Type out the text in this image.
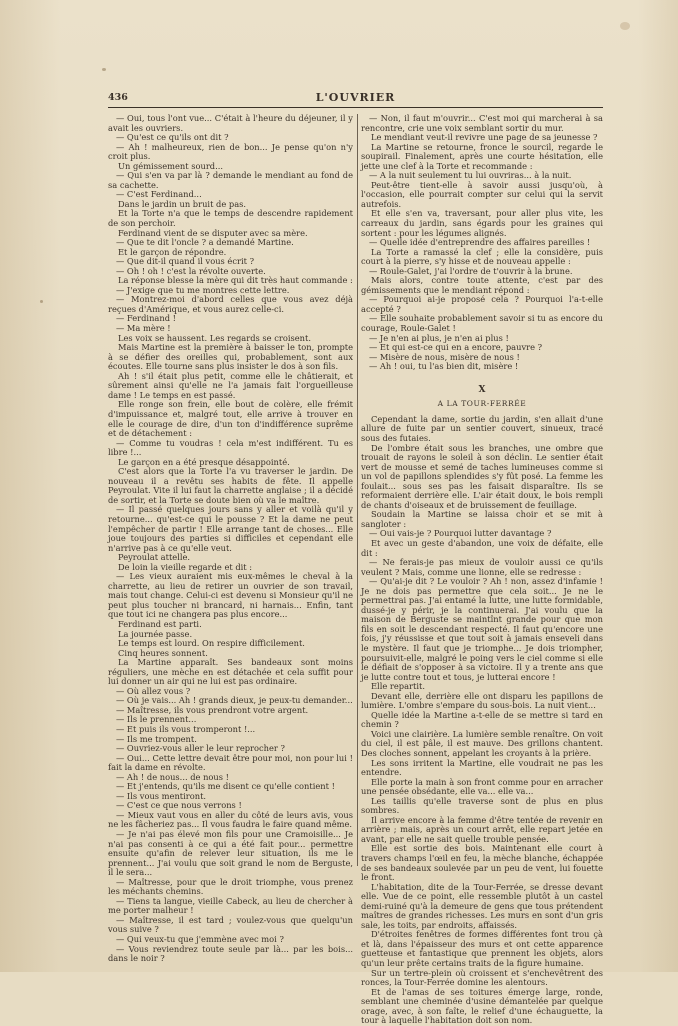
436	L'OUVRIER

— Oui, tous l'ont vue... C'était à l'heure du déjeuner, il y avait les ouvriers.

— Qu'est ce qu'ils ont dit ?

— Ah ! malheureux, rien de bon... Je pense qu'on n'y croit plus.

Un gémissement sourd...

— Qui s'en va par là ? demande le mendiant au fond de sa cachette.

— C'est Ferdinand...

Dans le jardin un bruit de pas.

Et la Torte n'a que le temps de descendre rapidement de son perchoir.

Ferdinand vient de se disputer avec sa mère.

— Que te dit l'oncle ? a demandé Martine.

Et le garçon de répondre.

— Que dit-il quand il vous écrit ?

— Oh ! oh ! c'est la révolte ouverte.

La réponse blesse la mère qui dit très haut commande :

— J'exige que tu me montres cette lettre.

— Montrez-moi d'abord celles que vous avez déjà reçues d'Amérique, et vous aurez celle-ci.

— Ferdinand !

— Ma mère !

Les voix se haussent. Les regards se croisent.

Mais Martine est la première à baisser le ton, prompte à se défier des oreilles qui, probablement, sont aux écoutes. Elle tourne sans plus insister le dos à son fils.

Ah ! s'il était plus petit, comme elle le châtierait, et sûrement ainsi qu'elle ne l'a jamais fait l'orgueilleuse dame ! Le temps en est passé.

Elle ronge son frein, elle bout de colère, elle frémit d'impuissance et, malgré tout, elle arrive à trouver en elle le courage de dire, d'un ton d'indifférence suprême et de détachement :

— Comme tu voudras ! cela m'est indifférent. Tu es libre !...

Le garçon en a été presque désappointé.

C'est alors que la Torte l'a vu traverser le jardin. De nouveau il a revêtu ses habits de fête. Il appelle Peyroulat. Vite il lui faut la charrette anglaise ; il a décidé de sortir, et la Torte se doute bien où va le maître.

— Il passé quelques jours sans y aller et voilà qu'il y retourne... qu'est-ce qui le pousse ? Et la dame ne peut l'empêcher de partir ! Elle arrange tant de choses... Elle joue toujours des parties si difficiles et cependant elle n'arrive pas à ce qu'elle veut.

Peyroulat attelle.

De loin la vieille regarde et dit :

— Les vieux auraient mis eux-mêmes le cheval à la charrette, au lieu de retirer un ouvrier de son travail, mais tout change. Celui-ci est devenu si Monsieur qu'il ne peut plus toucher ni brancard, ni harnais... Enfin, tant que tout ici ne changera pas plus encore...

Ferdinand est parti.

La journée passe.

Le temps est lourd. On respire difficilement.

Cinq heures sonnent.

La Martine apparaît. Ses bandeaux sont moins réguliers, une mèche en est détachée et cela suffit pour lui donner un air qui ne lui est pas ordinaire.

— Où allez vous ?

— Où je vais... Ah ! grands dieux, je peux-tu demander...

— Maîtresse, ils vous prendront votre argent.

— Ils le prennent...

— Et puis ils vous tromperont !...

— Ils me trompent.

— Ouvriez-vous aller le leur reprocher ?

— Oui... Cette lettre devait être pour moi, non pour lui ! fait la dame en révolte.

— Ah ! de nous... de nous !

— Et j'entends, qu'ils me disent ce qu'elle contient !

— Ils vous mentiront.

— C'est ce que nous verrons !

— Mieux vaut vous en aller du côté de leurs avis, vous ne les fâcheriez pas... Il vous faudra le faire quand même.

— Je n'ai pas élevé mon fils pour une Cramoisille... Je n'ai pas consenti à ce qui a été fait pour... permettre ensuite qu'afin de relever leur situation, ils me le prennent... J'ai voulu que soit grand le nom de Berguste, il le sera...

— Maîtresse, pour que le droit triomphe, vous prenez les méchants chemins.

— Tiens ta langue, vieille Cabeck, au lieu de chercher à me porter malheur !

— Maîtresse, il est tard ; voulez-vous que quelqu'un vous suive ?

— Qui veux-tu que j'emmène avec moi ?

— Vous reviendrez toute seule par là... par les bois... dans le noir ?

— Non, il faut m'ouvrir... C'est moi qui marcherai à sa rencontre, crie une voix semblant sortir du mur.

Le mendiant veut-il revivre une page de sa jeunesse ?

La Martine se retourne, fronce le sourcil, regarde le soupirail. Finalement, après une courte hésitation, elle jette une clef à la Torte et recommande :

— A la nuit seulement tu lui ouvriras... à la nuit.

Peut-être tient-elle à savoir aussi jusqu'où, à l'occasion, elle pourrait compter sur celui qui la servit autrefois.

Et elle s'en va, traversant, pour aller plus vite, les carreaux du jardin, sans égards pour les graines qui sortent : pour les légumes alignés.

— Quelle idée d'entreprendre des affaires pareilles !

La Torte a ramassé la clef ; elle la considère, puis court à la pierre, s'y hisse et de nouveau appelle :

— Roule-Galet, j'ai l'ordre de t'ouvrir à la brune.

Mais alors, contre toute attente, c'est par des gémissements que le mendiant répond :

— Pourquoi ai-je proposé cela ? Pourquoi l'a-t-elle accepté ?

— Elle souhaite probablement savoir si tu as encore du courage, Roule-Galet !

— Je n'en ai plus, je n'en ai plus !

— Et qui est-ce qui en a encore, pauvre ?

— Misère de nous, misère de nous !

— Ah ! oui, tu l'as bien dit, misère !

X
A LA TOUR-FERRÉE

Cependant la dame, sortie du jardin, s'en allait d'une allure de fuite par un sentier couvert, sinueux, tracé sous des futaies.

De l'ombre était sous les branches, une ombre que trouait de rayons le soleil à son déclin. Le sentier était vert de mousse et semé de taches lumineuses comme si un vol de papillons splendides s'y fût posé. La femme les foulait... sous ses pas les faisait disparaître. Ils se reformaient derrière elle. L'air était doux, le bois rempli de chants d'oiseaux et de bruissement de feuillage.

Soudain la Martine se laissa choir et se mit à sangloter :

— Oui vais-je ? Pourquoi lutter davantage ?

Et avec un geste d'abandon, une voix de défaite, elle dit :

— Ne ferais-je pas mieux de vouloir aussi ce qu'ils veulent ? Mais, comme une lionne, elle se redresse :

— Qu'ai-je dit ? Le vouloir ? Ah ! non, assez d'infamie ! Je ne dois pas permettre que cela soit... Je ne le permettrai pas. J'ai entamé la lutte, une lutte formidable, dussé-je y périr, je la continuerai. J'ai voulu que la maison de Berguste se maintînt grande pour que mon fils en soit le descendant respecté. Il faut qu'encore une fois, j'y réussisse et que tout soit à jamais enseveli dans le mystère. Il faut que je triomphe... Je dois triompher, poursuivit-elle, malgré le poing vers le ciel comme si elle le défiait de s'opposer à sa victoire. Il y a trente ans que je lutte contre tout et tous, je lutterai encore !

Elle repartit.

Devant elle, derrière elle ont disparu les papillons de lumière. L'ombre s'empare du sous-bois. La nuit vient...

Quelle idée la Martine a-t-elle de se mettre si tard en chemin ?

Voici une clairière. La lumière semble renaître. On voit du ciel, il est pâle, il est mauve. Des grillons chantent. Des cloches sonnent, appelant les croyants à la prière.

Les sons irritent la Martine, elle voudrait ne pas les entendre.

Elle porte la main à son front comme pour en arracher une pensée obsédante, elle va... elle va...

Les taillis qu'elle traverse sont de plus en plus sombres.

Il arrive encore à la femme d'être tentée de revenir en arrière ; mais, après un court arrêt, elle repart jetée en avant, par elle ne sait quelle trouble pensée.

Elle est sortie des bois. Maintenant elle court à travers champs l'œil en feu, la mèche blanche, échappée de ses bandeaux soulevée par un peu de vent, lui fouette le front.

L'habitation, dite de la Tour-Ferrée, se dresse devant elle. Vue de ce point, elle ressemble plutôt à un castel demi-ruiné qu'à la demeure de gens que tous prétendent maîtres de grandes richesses. Les murs en sont d'un gris sale, les toits, par endroits, affaissés.

D'étroites fenêtres de formes différentes font trou çà et là, dans l'épaisseur des murs et ont cette apparence guetteuse et fantastique que prennent les objets, alors qu'un leur prête certains traits de la figure humaine.

Sur un tertre-plein où croissent et s'enchevêtrent des ronces, la Tour-Ferrée domine les alentours.

Et de l'amas de ses toitures émerge large, ronde, semblant une cheminée d'usine démantelée par quelque orage, avec, à son faîte, le relief d'une échauguette, la tour à laquelle l'habitation doit son nom.
